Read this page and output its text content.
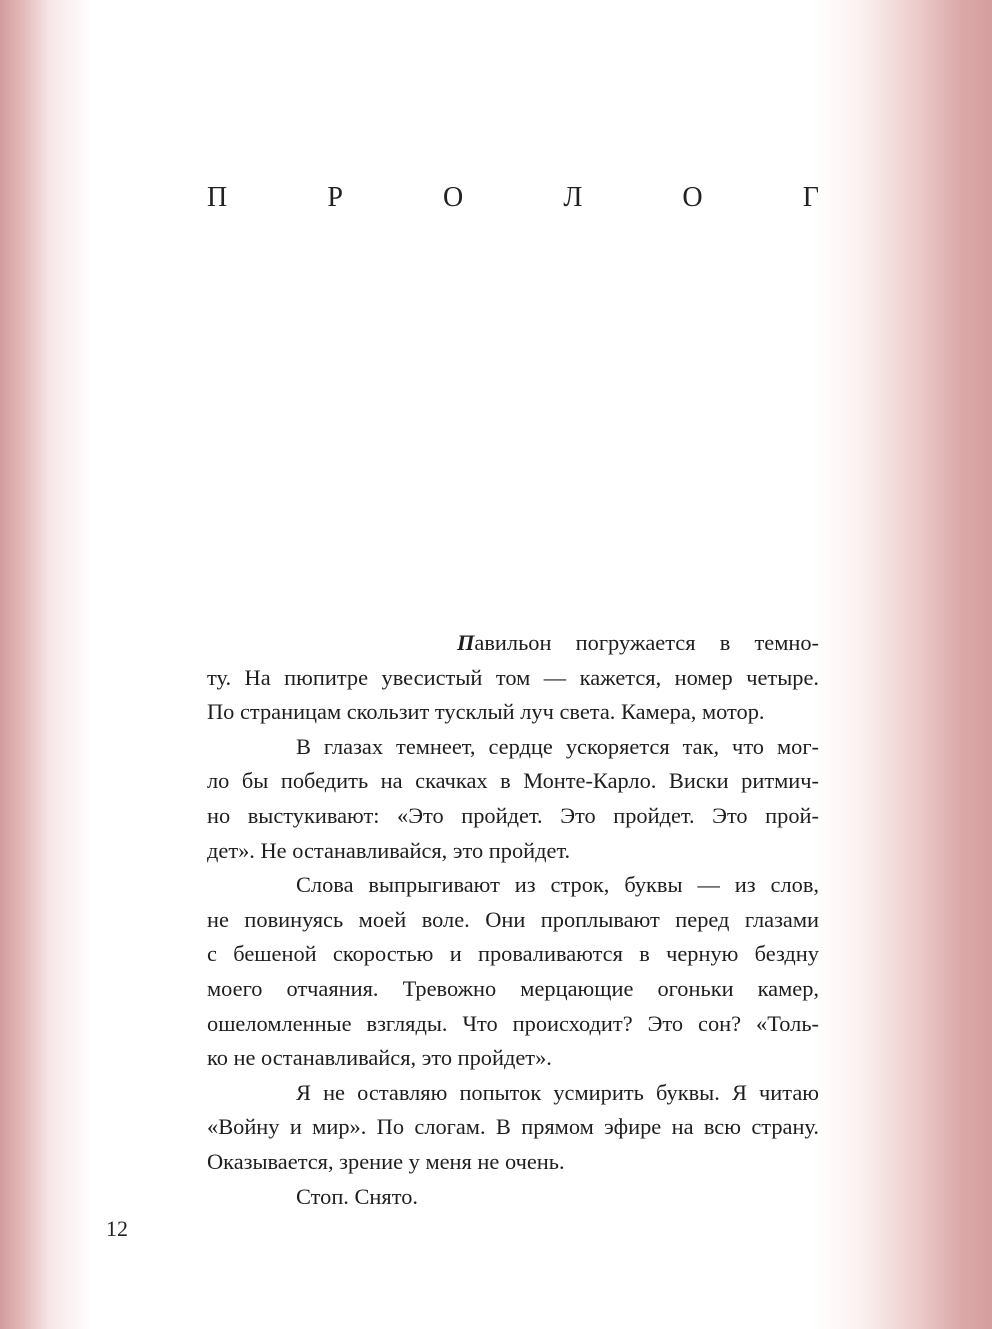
П	Р	О	Л	О	Г
Павильон погружается в темно-
ту. На пюпитре увесистый том — кажется, номер четыре.
По страницам скользит тусклый луч света. Камера, мотор.
В глазах темнеет, сердце ускоряется так, что мог-
ло бы победить на скачках в Монте-Карло. Виски ритмич-
но выстукивают: «Это пройдет. Это пройдет. Это прой-
дет». Не останавливайся, это пройдет.
Слова выпрыгивают из строк, буквы — из слов,
не повинуясь моей воле. Они проплывают перед глазами
с бешеной скоростью и проваливаются в черную бездну
моего отчаяния. Тревожно мерцающие огоньки камер,
ошеломленные взгляды. Что происходит? Это сон? «Толь-
ко не останавливайся, это пройдет».
Я не оставляю попыток усмирить буквы. Я читаю
«Войну и мир». По слогам. В прямом эфире на всю страну.
Оказывается, зрение у меня не очень.
Стоп. Снято.
12
